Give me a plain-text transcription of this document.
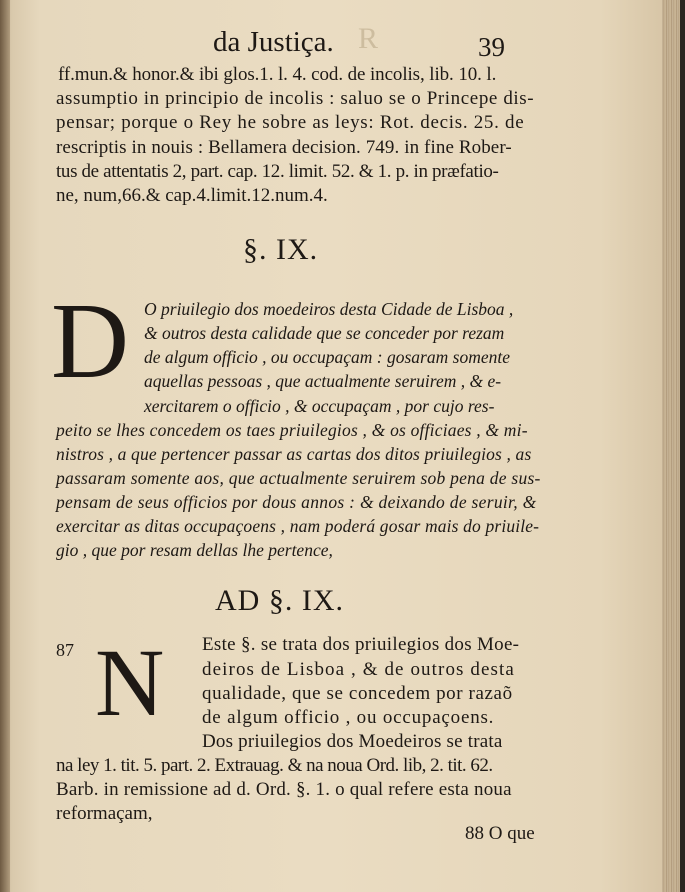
R
da Justiça.	39
ff.mun.& honor.& ibi glos.1. l. 4. cod. de incolis, lib. 10. l.
assumptio in principio de incolis : saluo se o Princepe dis-
pensar; porque o Rey he sobre as leys: Rot. decis. 25. de
rescriptis in nouis : Bellamera decision. 749. in fine Rober-
tus de attentatis 2, part. cap. 12. limit. 52. & 1. p. in præfatio-
ne, num,66.& cap.4.limit.12.num.4.
§. IX.
D O priuilegio dos moedeiros desta Cidade de Lisboa ,
& outros desta calidade que se conceder por rezam
de algum officio , ou occupaçam : gosaram somente
aquellas pessoas , que actualmente seruirem , & e-
xercitarem o officio , & occupaçam , por cujo res-
peito se lhes concedem os taes priuilegios , & os officiaes , & mi-
nistros , a que pertencer passar as cartas dos ditos priuilegios , as
passaram somente aos, que actualmente seruirem sob pena de sus-
pensam de seus officios por dous annos : & deixando de seruir, &
exercitar as ditas occupaçoens , nam poderá gosar mais do priuile-
gio , que por resam dellas lhe pertence,
AD §. IX.
87 N Este §. se trata dos priuilegios dos Moe-
deiros de Lisboa , & de outros desta
qualidade, que se concedem por razaõ
de algum officio , ou occupaçoens.
Dos priuilegios dos Moedeiros se trata
na ley 1. tit. 5. part. 2. Extrauag. & na noua Ord. lib, 2. tit. 62.
Barb. in remissione ad d. Ord. §. 1. o qual refere esta noua
reformaçam,
88 O que
